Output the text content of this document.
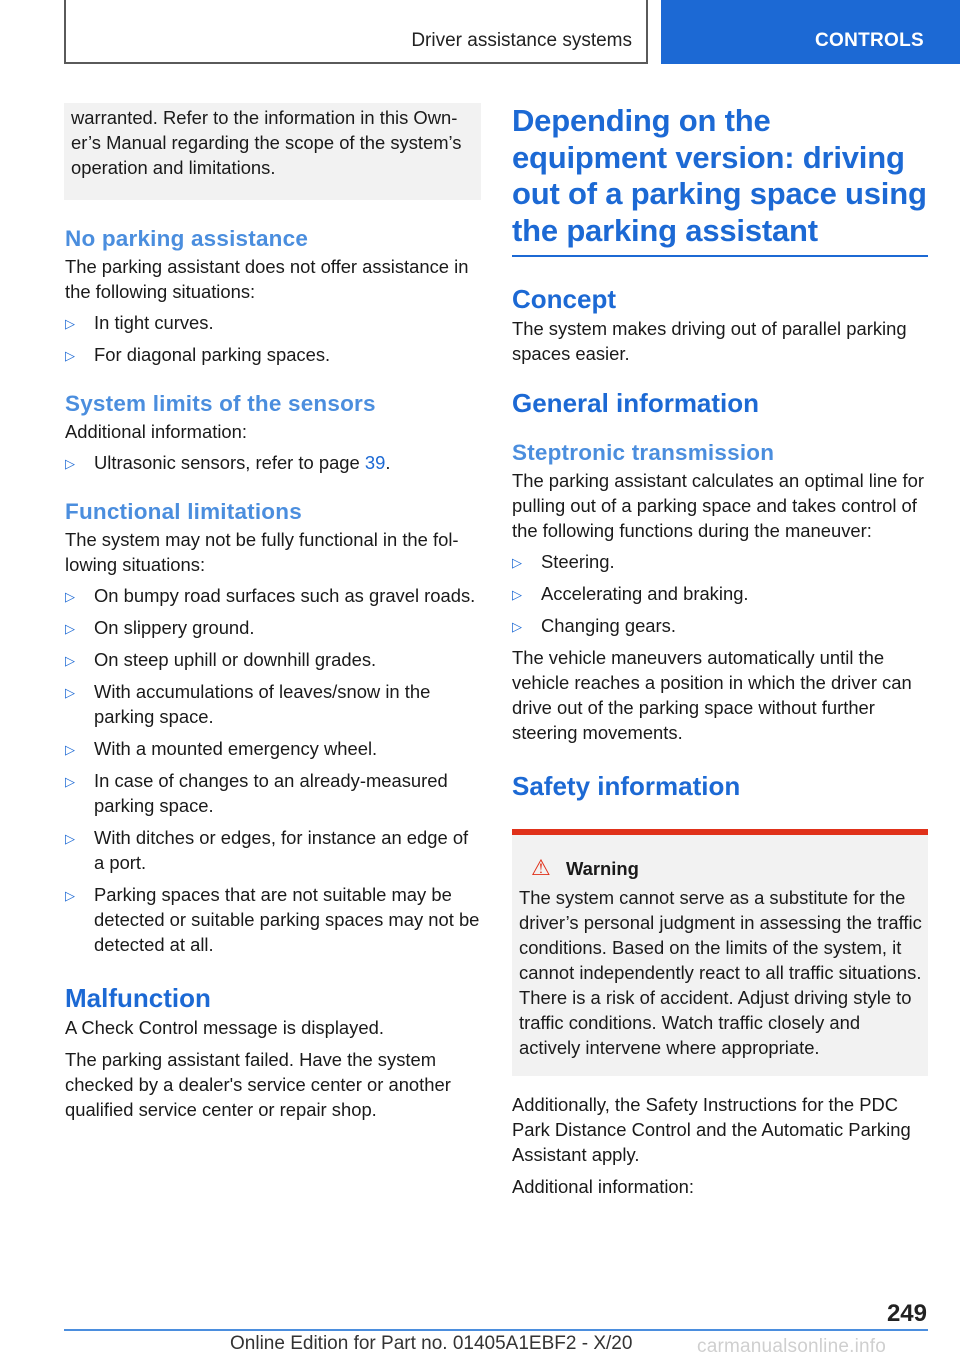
Driver assistance systems	CONTROLS

warranted. Refer to the information in this Owner’s Manual regarding the scope of the system’s operation and limitations.

No parking assistance

The parking assistant does not offer assistance in the following situations:

▷ In tight curves.
▷ For diagonal parking spaces.
System limits of the sensors

Additional information:

▷ Ultrasonic sensors, refer to page 39.
Functional limitations

The system may not be fully functional in the following situations:

▷ On bumpy road surfaces such as gravel roads.
▷ On slippery ground.
▷ On steep uphill or downhill grades.
▷ With accumulations of leaves/snow in the parking space.
▷ With a mounted emergency wheel.
▷ In case of changes to an already-measured parking space.
▷ With ditches or edges, for instance an edge of a port.
▷ Parking spaces that are not suitable may be detected or suitable parking spaces may not be detected at all.
Malfunction

A Check Control message is displayed.

The parking assistant failed. Have the system checked by a dealer's service center or another qualified service center or repair shop.

Depending on the equipment version: driving out of a parking space using the parking assistant
Concept

The system makes driving out of parallel parking spaces easier.

General information
Steptronic transmission

The parking assistant calculates an optimal line for pulling out of a parking space and takes control of the following functions during the maneuver:

▷ Steering.
▷ Accelerating and braking.
▷ Changing gears.

The vehicle maneuvers automatically until the vehicle reaches a position in which the driver can drive out of the parking space without further steering movements.

Safety information
⚠ Warning

The system cannot serve as a substitute for the driver’s personal judgment in assessing the traffic conditions. Based on the limits of the system, it cannot independently react to all traffic situations. There is a risk of accident. Adjust driving style to traffic conditions. Watch traffic closely and actively intervene where appropriate.

Additionally, the Safety Instructions for the PDC Park Distance Control and the Automatic Parking Assistant apply.

Additional information:

249
Online Edition for Part no. 01405A1EBF2 - X/20	carmanualsonline.info
